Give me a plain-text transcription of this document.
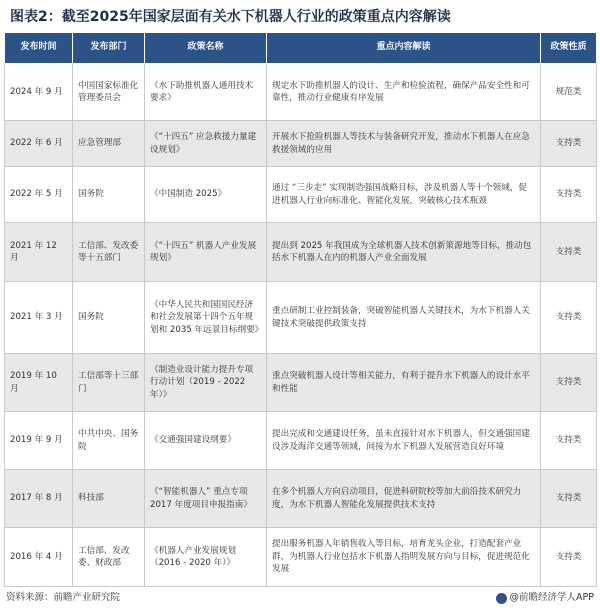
图表2：截至2025年国家层面有关水下机器人行业的政策重点内容解读
发布时间	发布部门	政策名称	重点内容解读	政策性质
2024 年 9 月	中国国家标准化管理委员会	《水下助推机器人通用技术要求》	规定水下助推机器人的设计、生产和检验流程，确保产品安全性和可靠性，推动行业健康有序发展	规范类
2022 年 6 月	应急管理部	《“十四五” 应急救援力量建设规划》	开展水下抢险机器人等技术与装备研究开发，推动水下机器人在应急救援领域的应用	支持类
2022 年 5 月	国务院	《中国制造 2025》	通过 “三步走” 实现制造强国战略目标，涉及机器人等十个领域，促进机器人行业向标准化、智能化发展，突破核心技术瓶颈	支持类
2021 年 12 月	工信部、发改委等十五部门	《“十四五” 机器人产业发展规划》	提出到 2025 年我国成为全球机器人技术创新策源地等目标，推动包括水下机器人在内的机器人产业全面发展	支持类
2021 年 3 月	国务院	《中华人民共和国国民经济和社会发展第十四个五年规划和 2035 年远景目标纲要》	重点研制工业控制装备，突破智能机器人关键技术，为水下机器人关键技术突破提供政策支持	支持类
2019 年 10 月	工信部等十三部门	《制造业设计能力提升专项行动计划（2019 - 2022 年）》	重点突破机器人设计等相关能力，有利于提升水下机器人的设计水平和性能	支持类
2019 年 9 月	中共中央、国务院	《交通强国建设纲要》	提出完成和交通建设任务，虽未直接针对水下机器人，但交通强国建设涉及海洋交通等领域，间接为水下机器人发展营造良好环境	支持类
2017 年 8 月	科技部	《“智能机器人” 重点专项 2017 年度项目申报指南》	在多个机器人方向启动项目，促进科研院校等加大前沿技术研究力度，为水下机器人智能化发展提供技术支持	支持类
2016 年 4 月	工信部、发改委、财政部	《机器人产业发展规划（2016 - 2020 年）》	提出服务机器人年销售收入等目标，培育龙头企业，打造配套产业群，为机器人行业包括水下机器人指明发展方向与目标，促进规范化发展	支持类
资料来源：前瞻产业研究院	@前瞻经济学人APP
